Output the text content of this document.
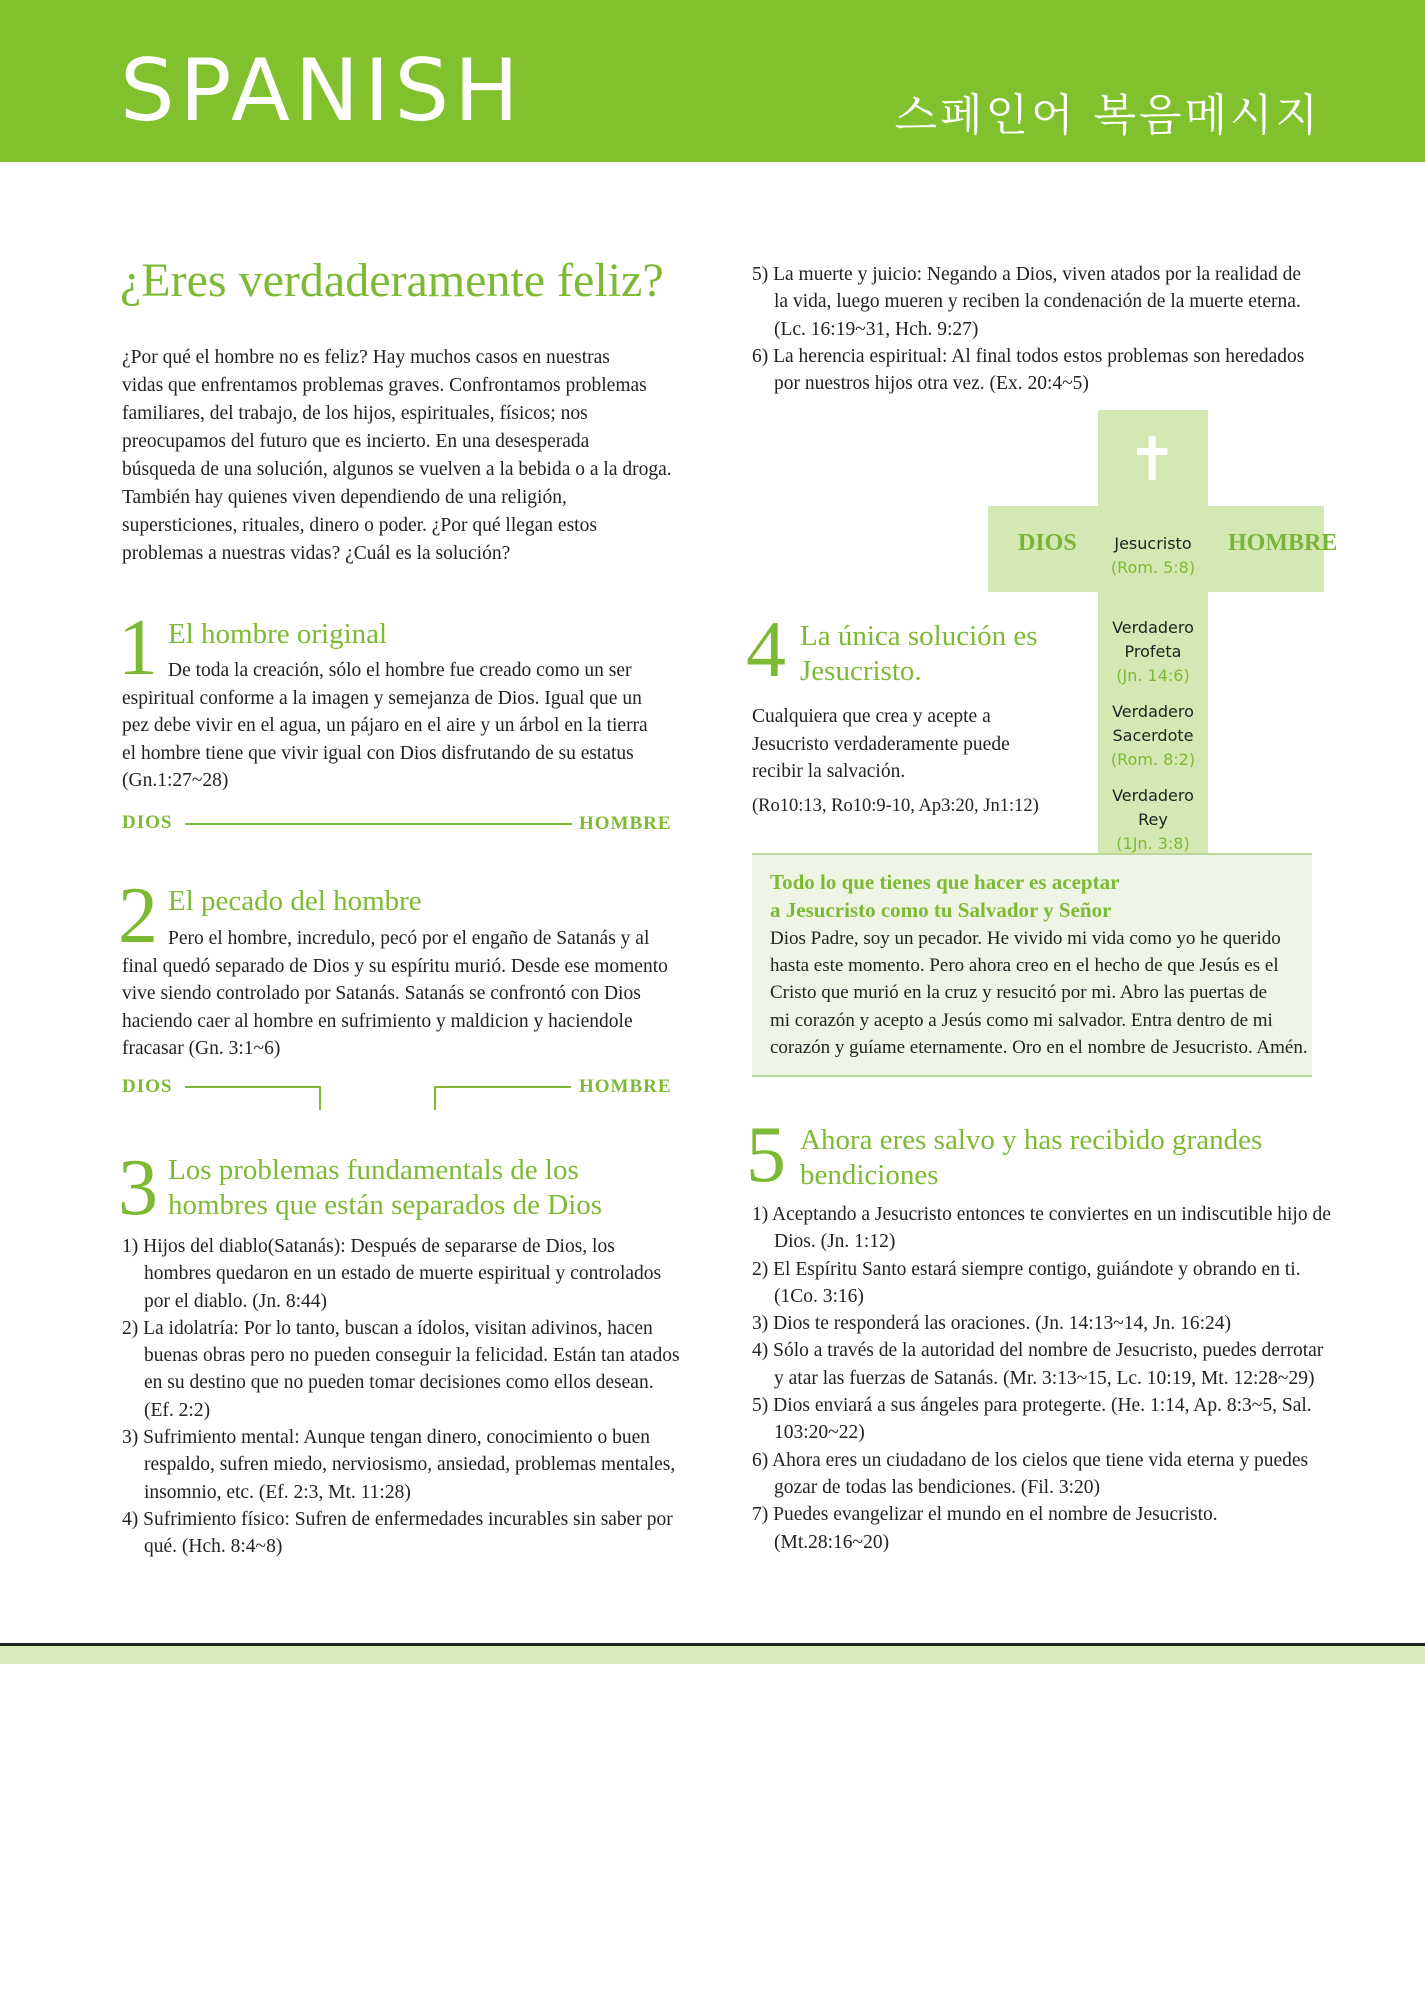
SPANISH	스페인어 복음메시지
¿Eres verdaderamente feliz?
¿Por qué el hombre no es feliz? Hay muchos casos en nuestras
vidas que enfrentamos problemas graves. Confrontamos problemas
familiares, del trabajo, de los hijos, espirituales, físicos; nos
preocupamos del futuro que es incierto. En una desesperada
búsqueda de una solución, algunos se vuelven a la bebida o a la droga.
También hay quienes viven dependiendo de una religión,
supersticiones, rituales, dinero o poder. ¿Por qué llegan estos
problemas a nuestras vidas? ¿Cuál es la solución?
1 El hombre original
De toda la creación, sólo el hombre fue creado como un ser
espiritual conforme a la imagen y semejanza de Dios. Igual que un
pez debe vivir en el agua, un pájaro en el aire y un árbol en la tierra
el hombre tiene que vivir igual con Dios disfrutando de su estatus
(Gn.1:27~28)
DIOS	HOMBRE
2 El pecado del hombre
Pero el hombre, incredulo, pecó por el engaño de Satanás y al
final quedó separado de Dios y su espíritu murió. Desde ese momento
vive siendo controlado por Satanás. Satanás se confrontó con Dios
haciendo caer al hombre en sufrimiento y maldicion y haciendole
fracasar (Gn. 3:1~6)
DIOS	HOMBRE
3 Los problemas fundamentals de los
hombres que están separados de Dios
1) Hijos del diablo(Satanás): Después de separarse de Dios, los hombres quedaron en un estado de muerte espiritual y controlados por el diablo. (Jn. 8:44)
2) La idolatría: Por lo tanto, buscan a ídolos, visitan adivinos, hacen buenas obras pero no pueden conseguir la felicidad. Están tan atados en su destino que no pueden tomar decisiones como ellos desean. (Ef. 2:2)
3) Sufrimiento mental: Aunque tengan dinero, conocimiento o buen respaldo, sufren miedo, nerviosismo, ansiedad, problemas mentales, insomnio, etc. (Ef. 2:3, Mt. 11:28)
4) Sufrimiento físico: Sufren de enfermedades incurables sin saber por qué. (Hch. 8:4~8)
5) La muerte y juicio: Negando a Dios, viven atados por la realidad de la vida, luego mueren y reciben la condenación de la muerte eterna. (Lc. 16:19~31, Hch. 9:27)
6) La herencia espiritual: Al final todos estos problemas son heredados por nuestros hijos otra vez. (Ex. 20:4~5)
✝
DIOS	HOMBRE
Jesucristo
(Rom. 5:8)

Verdadero
Profeta

(Jn. 14:6)

Verdadero
Sacerdote

(Rom. 8:2)

Verdadero
Rey

(1Jn. 3:8)

4 La única solución es
Jesucristo.
Cualquiera que crea y acepte a
Jesucristo verdaderamente puede
recibir la salvación.
(Ro10:13, Ro10:9-10, Ap3:20, Jn1:12)
Todo lo que tienes que hacer es aceptar
a Jesucristo como tu Salvador y Señor
Dios Padre, soy un pecador. He vivido mi vida como yo he querido
hasta este momento. Pero ahora creo en el hecho de que Jesús es el
Cristo que murió en la cruz y resucitó por mi. Abro las puertas de
mi corazón y acepto a Jesús como mi salvador. Entra dentro de mi
corazón y guíame eternamente. Oro en el nombre de Jesucristo. Amén.
5 Ahora eres salvo y has recibido grandes
bendiciones
1) Aceptando a Jesucristo entonces te conviertes en un indiscutible hijo de Dios. (Jn. 1:12)
2) El Espíritu Santo estará siempre contigo, guiándote y obrando en ti. (1Co. 3:16)
3) Dios te responderá las oraciones. (Jn. 14:13~14, Jn. 16:24)
4) Sólo a través de la autoridad del nombre de Jesucristo, puedes derrotar y atar las fuerzas de Satanás. (Mr. 3:13~15, Lc. 10:19, Mt. 12:28~29)
5) Dios enviará a sus ángeles para protegerte. (He. 1:14, Ap. 8:3~5, Sal. 103:20~22)
6) Ahora eres un ciudadano de los cielos que tiene vida eterna y puedes gozar de todas las bendiciones. (Fil. 3:20)
7) Puedes evangelizar el mundo en el nombre de Jesucristo.(Mt.28:16~20)
